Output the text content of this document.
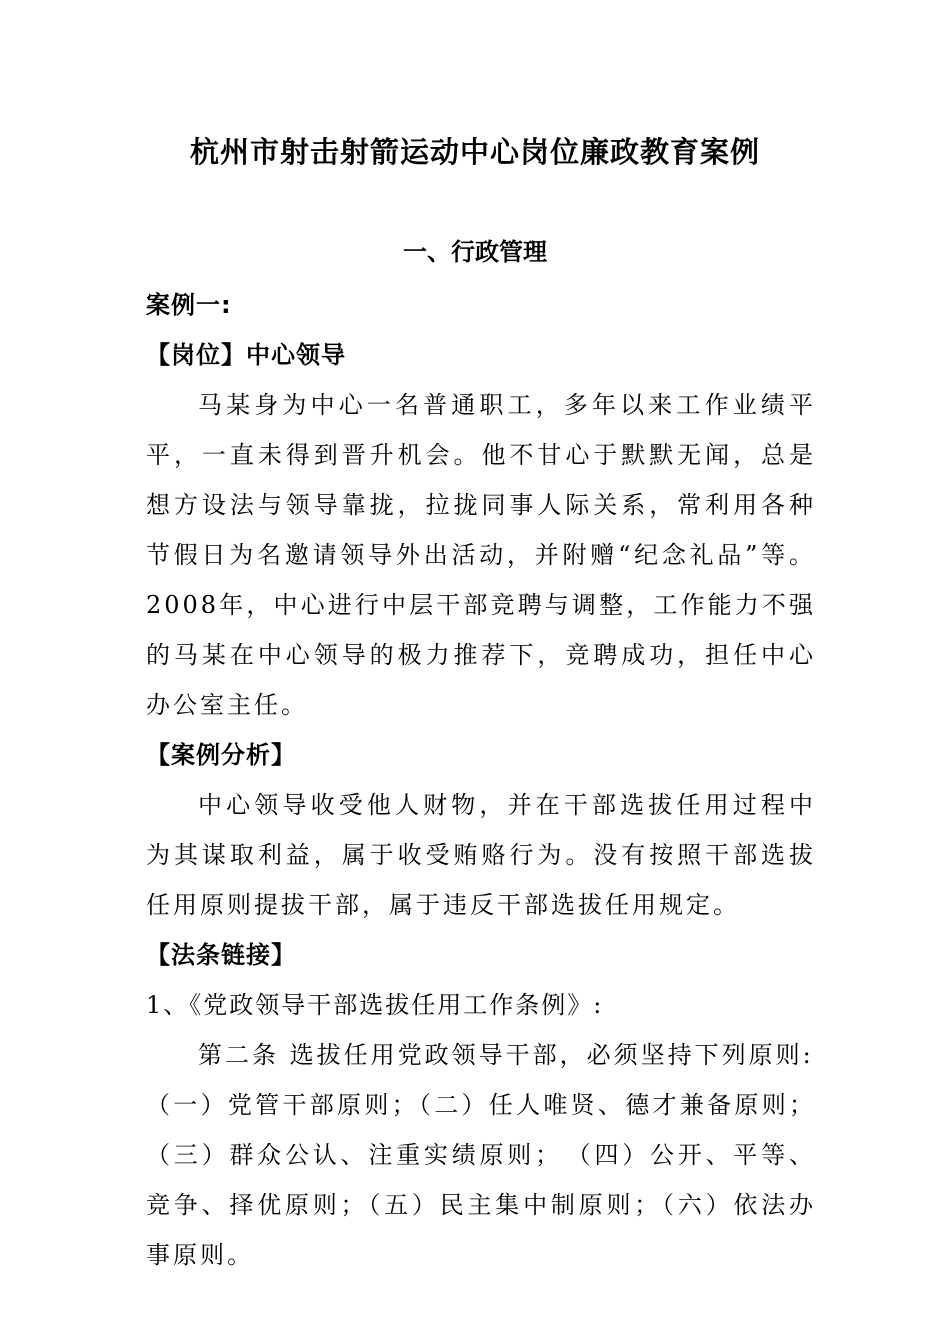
杭州市射击射箭运动中心岗位廉政教育案例
一、行政管理
案例一:
【岗位】中心领导
马某身为中心一名普通职工，多年以来工作业绩平平，一直未得到晋升机会。他不甘心于默默无闻，总是想方设法与领导靠拢，拉拢同事人际关系，常利用各种节假日为名邀请领导外出活动，并附赠“纪念礼品”等。2008年，中心进行中层干部竞聘与调整，工作能力不强的马某在中心领导的极力推荐下，竞聘成功，担任中心办公室主任。
【案例分析】
中心领导收受他人财物，并在干部选拔任用过程中为其谋取利益，属于收受贿赂行为。没有按照干部选拔任用原则提拔干部，属于违反干部选拔任用规定。
【法条链接】
1、《党政领导干部选拔任用工作条例》:
第二条 选拔任用党政领导干部，必须坚持下列原则:
（一）党管干部原则；（二）任人唯贤、德才兼备原则；（三）群众公认、注重实绩原则；　（四）公开、平等、竞争、择优原则；（五）民主集中制原则；（六）依法办事原则。
